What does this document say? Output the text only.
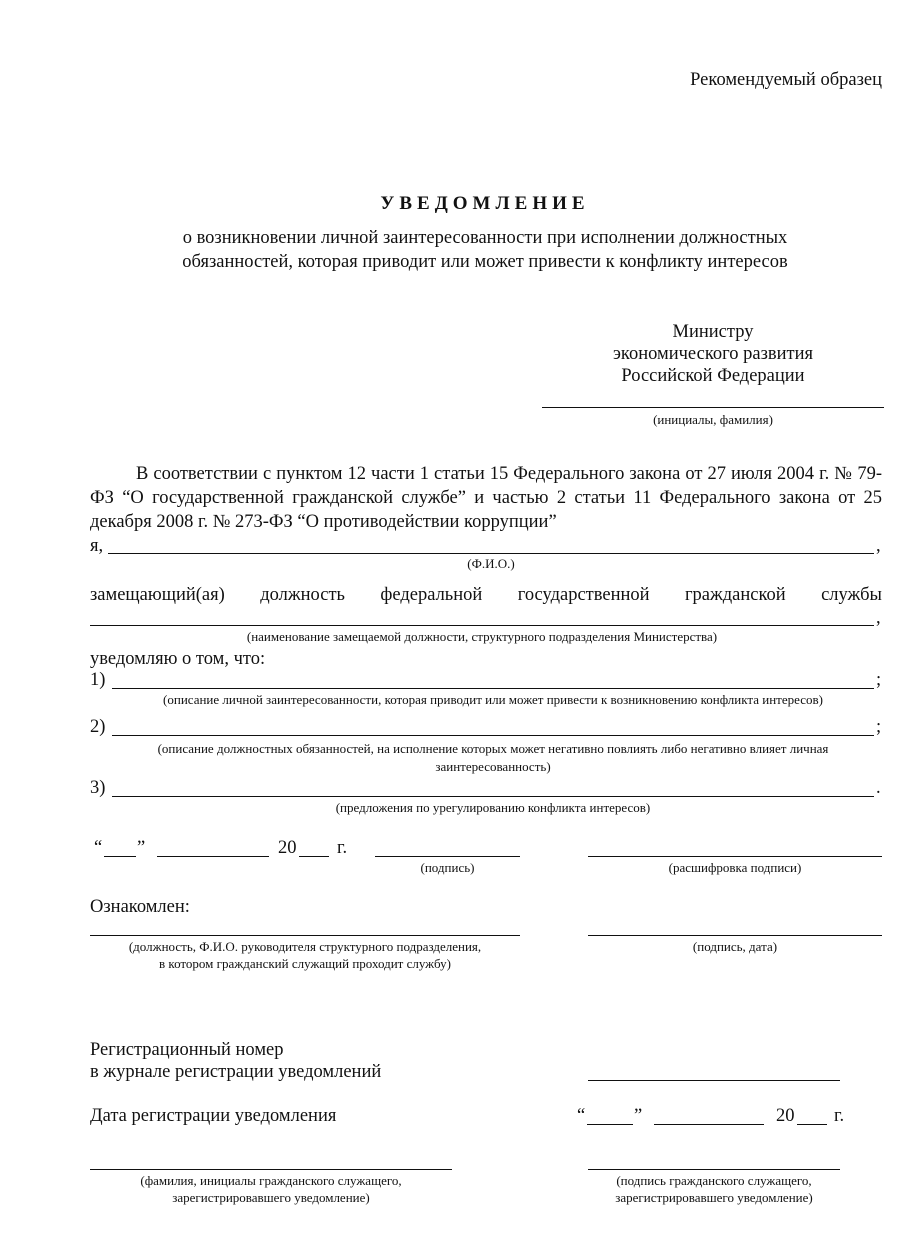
Рекомендуемый образец
УВЕДОМЛЕНИЕ
о возникновении личной заинтересованности при исполнении должностных
обязанностей, которая приводит или может привести к конфликту интересов
Министру
экономического развития
Российской Федерации
(инициалы, фамилия)
В соответствии с пунктом 12 части 1 статьи 15 Федерального закона от 27 июля 2004 г. № 79-ФЗ “О государственной гражданской службе” и частью 2 статьи 11 Федерального закона от 25 декабря 2008 г. № 273-ФЗ “О противодействии коррупции”
я,	,
(Ф.И.О.)
замещающий(ая) должность федеральной государственной гражданской службы
,
(наименование замещаемой должности, структурного подразделения Министерства)
уведомляю о том, что:
1)	;
(описание личной заинтересованности, которая приводит или может привести к возникновению конфликта интересов)
2)	;
(описание должностных обязанностей, на исполнение которых может негативно повлиять либо негативно влияет личная
заинтересованность)
3)	.
(предложения по урегулированию конфликта интересов)
“ ”	20 г.
(подпись)	(расшифровка подписи)
Ознакомлен:
(должность, Ф.И.О. руководителя структурного подразделения,
в котором гражданский служащий проходит службу)
(подпись, дата)
Регистрационный номер
в журнале регистрации уведомлений
Дата регистрации уведомления	“	”	20 г.
(фамилия, инициалы гражданского служащего,
зарегистрировавшего уведомление)
(подпись гражданского служащего,
зарегистрировавшего уведомление)
